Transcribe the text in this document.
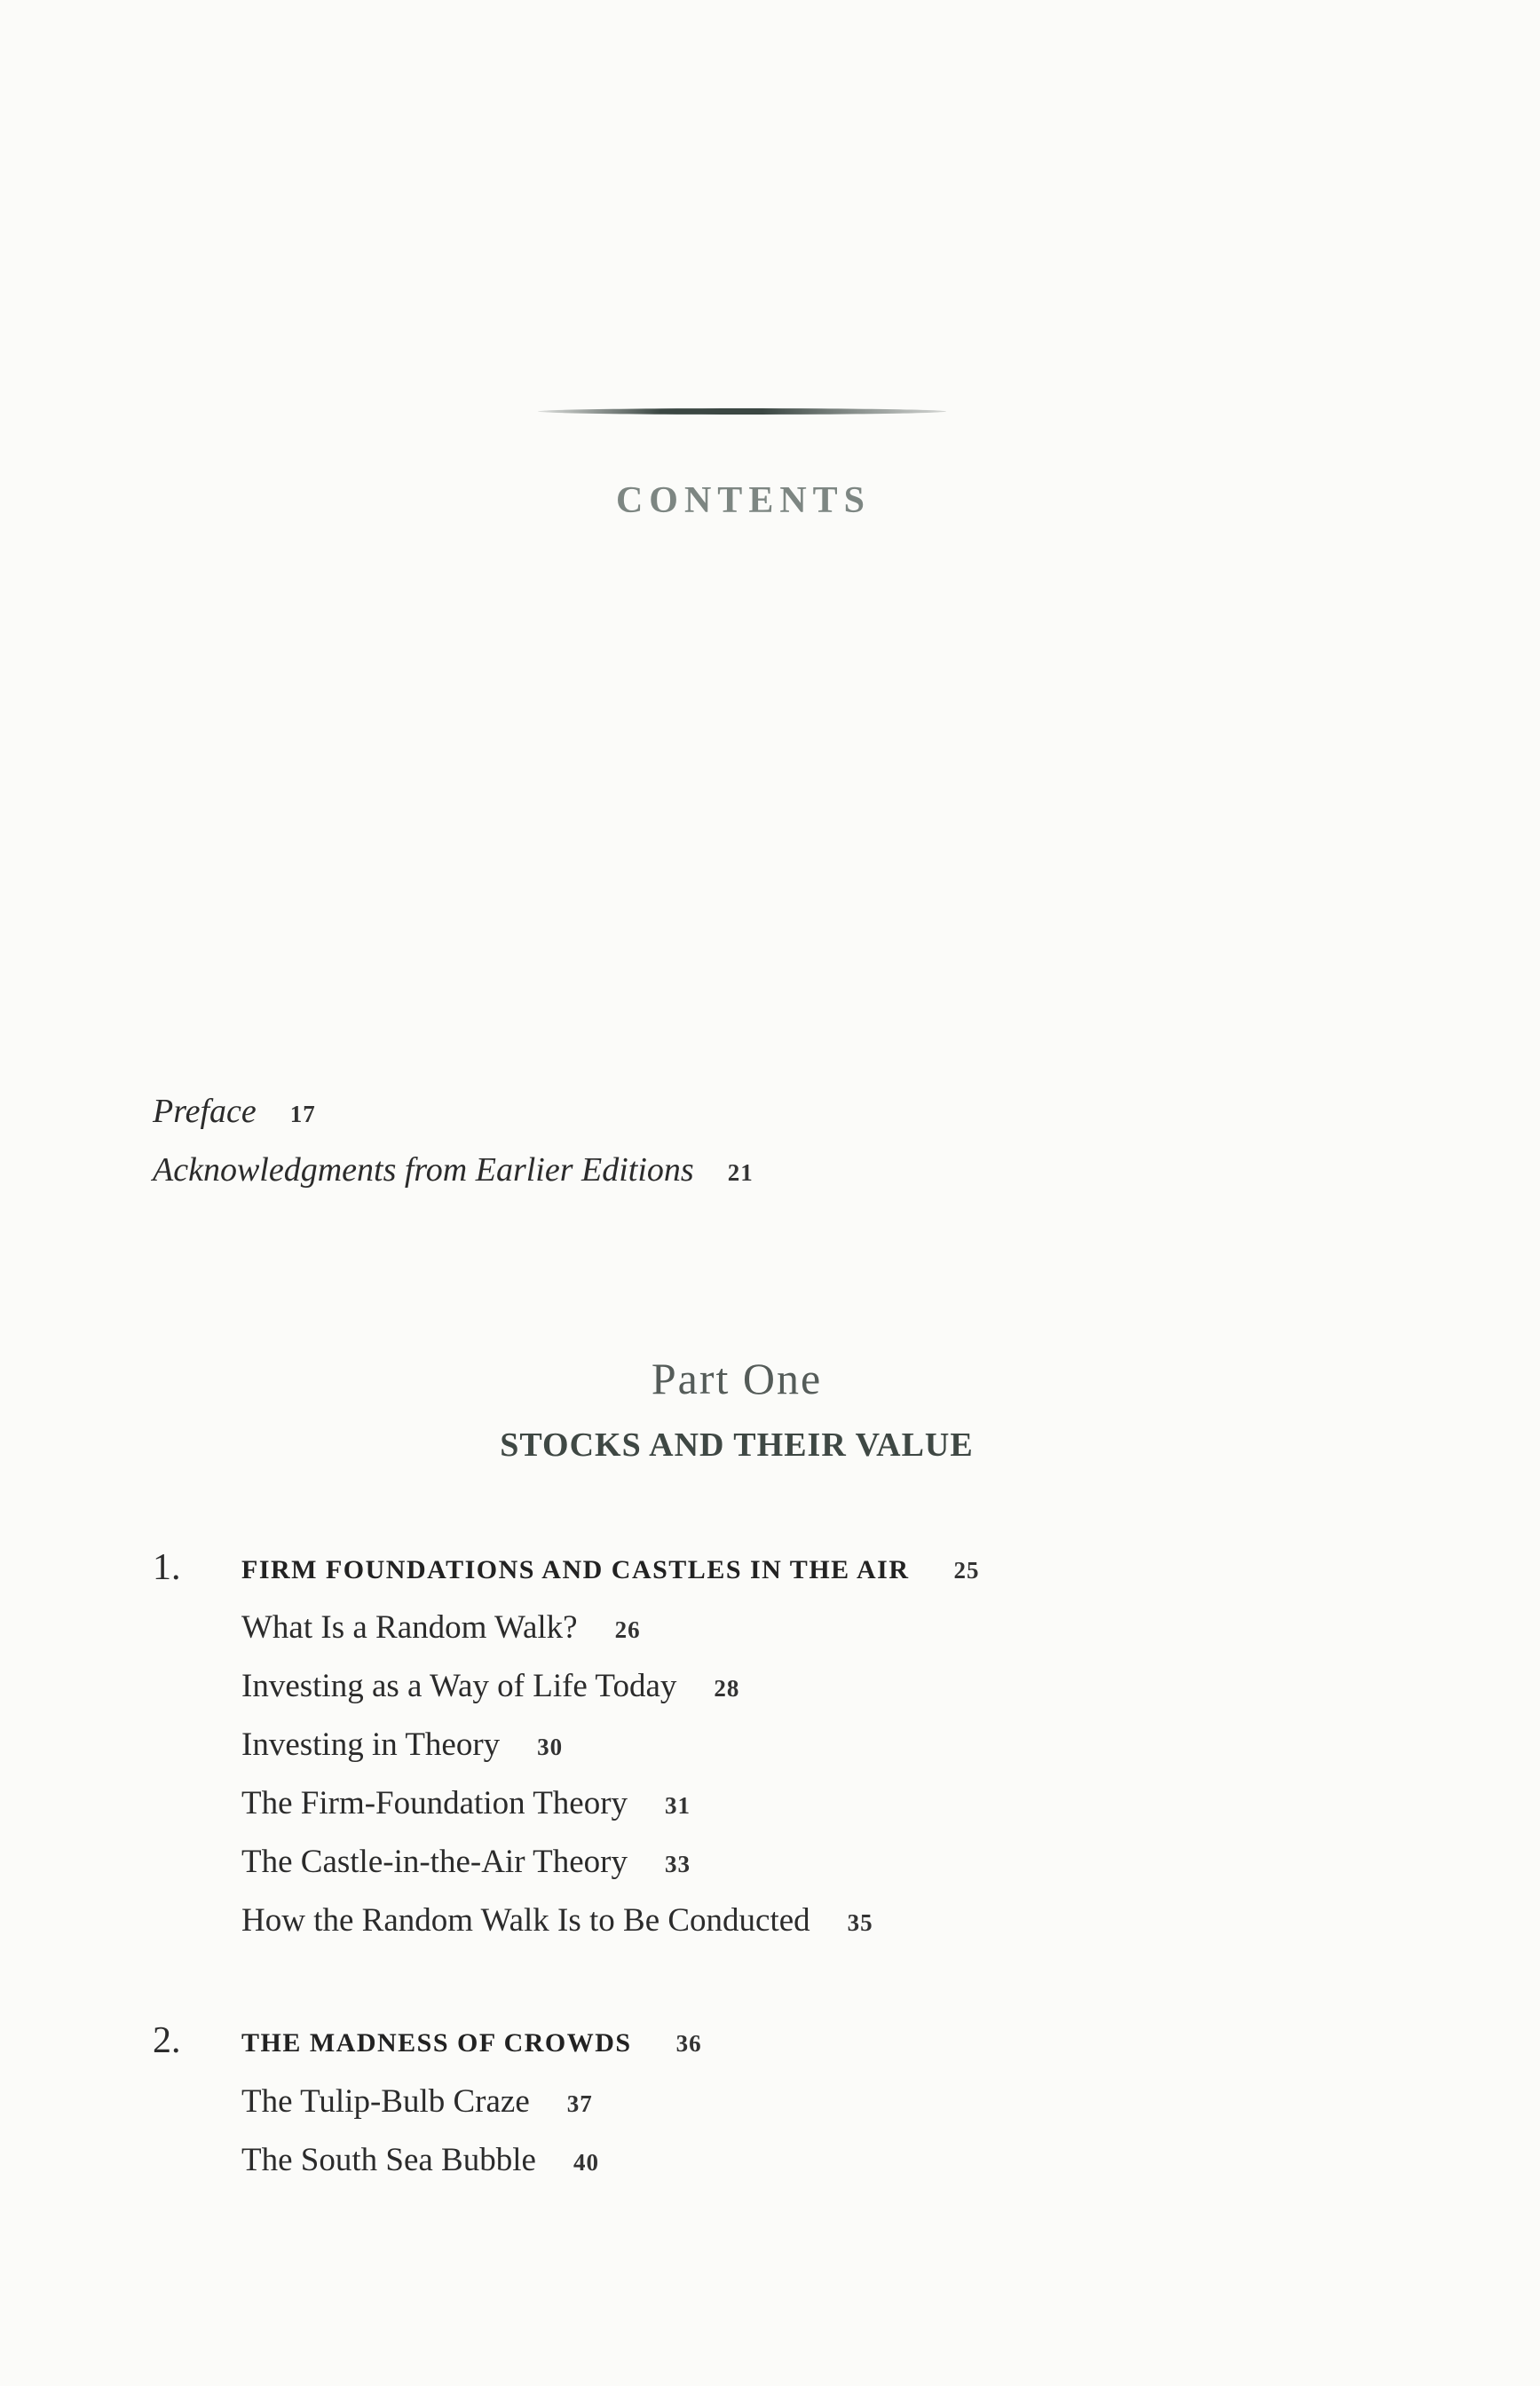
CONTENTS
Preface 17
Acknowledgments from Earlier Editions 21
Part One
STOCKS AND THEIR VALUE
1. FIRM FOUNDATIONS AND CASTLES IN THE AIR 25
What Is a Random Walk? 26
Investing as a Way of Life Today 28
Investing in Theory 30
The Firm-Foundation Theory 31
The Castle-in-the-Air Theory 33
How the Random Walk Is to Be Conducted 35
2. THE MADNESS OF CROWDS 36
The Tulip-Bulb Craze 37
The South Sea Bubble 40
